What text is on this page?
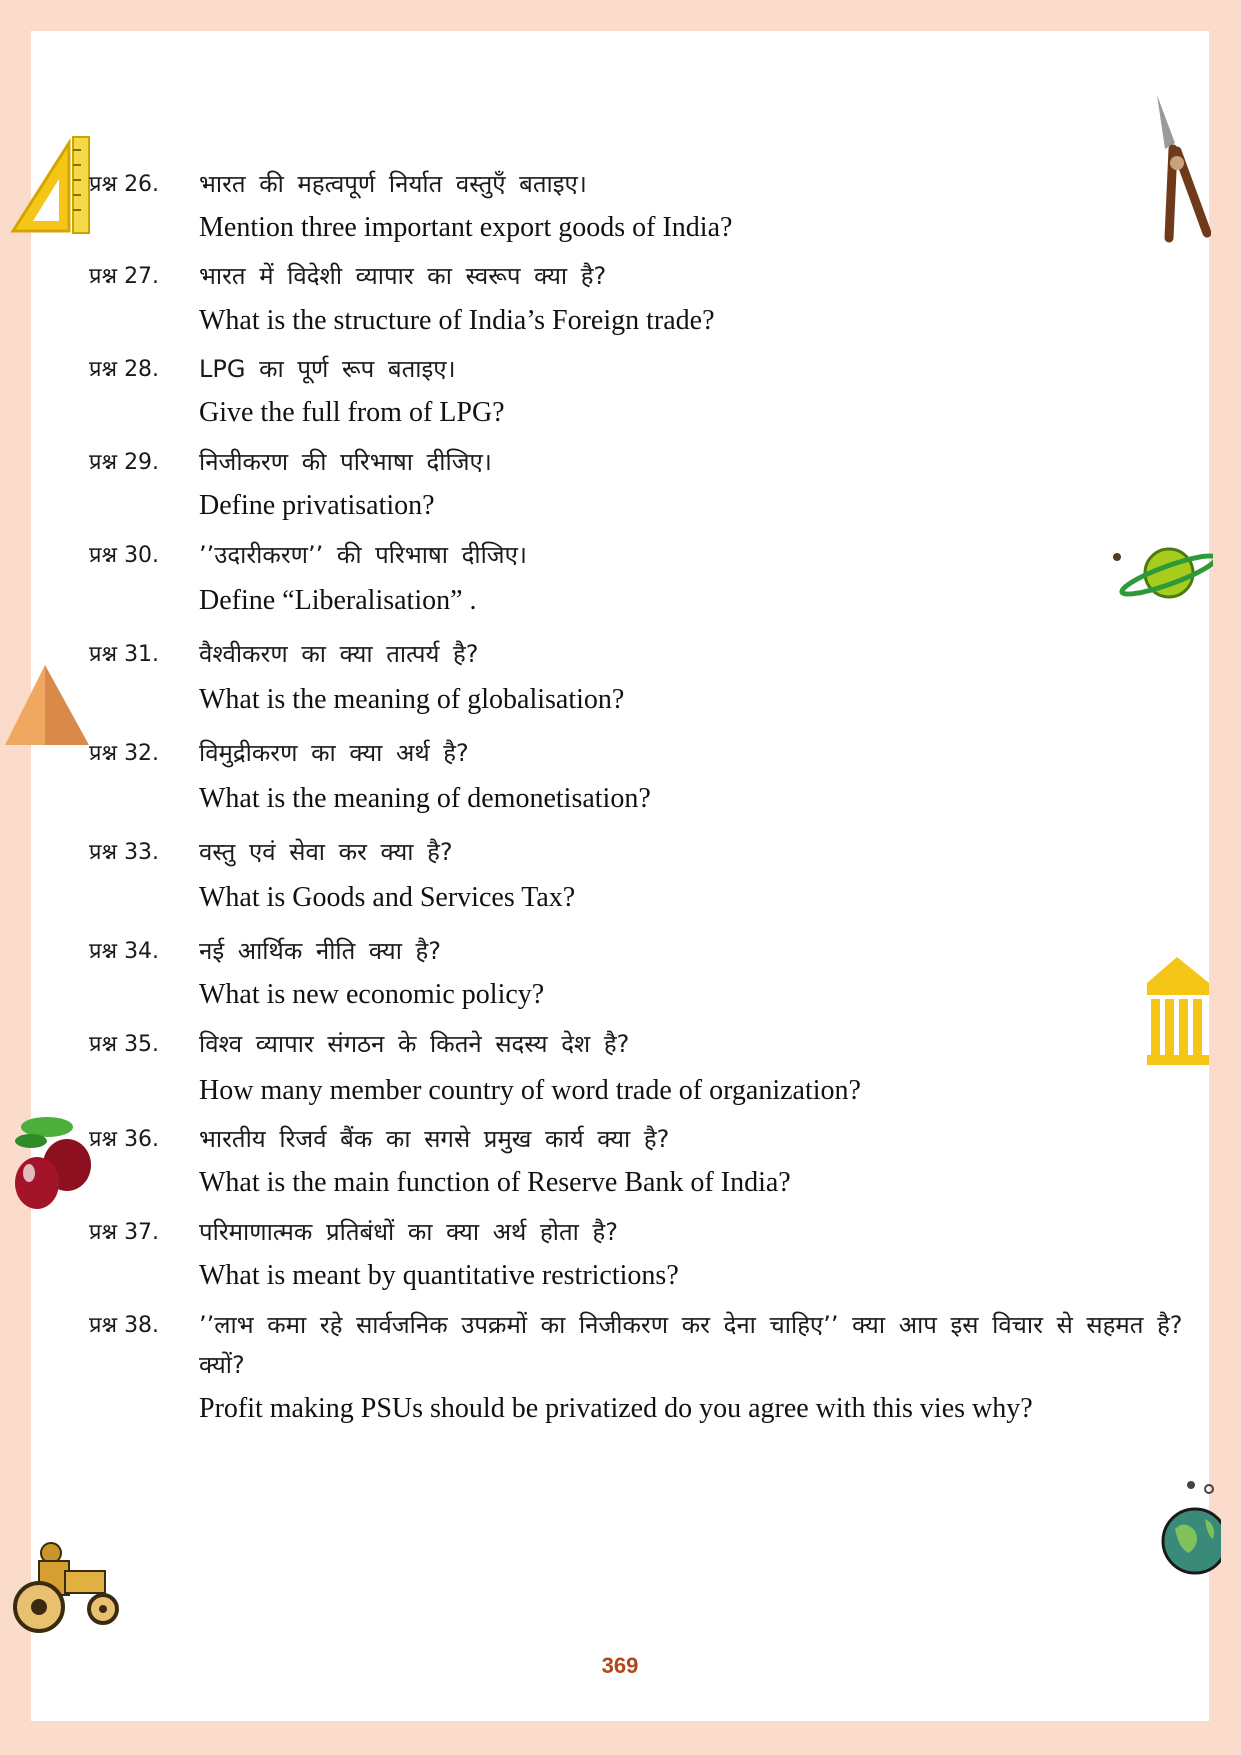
प्रश्न 26. भारत की महत्वपूर्ण निर्यात वस्तुएँ बताइए।
Mention three important export goods of India?
प्रश्न 27. भारत में विदेशी व्यापार का स्वरूप क्या है?
What is the structure of India’s Foreign trade?
प्रश्न 28. LPG का पूर्ण रूप बताइए।
Give the full from of LPG?
प्रश्न 29. निजीकरण की परिभाषा दीजिए।
Define privatisation?
प्रश्न 30. ’’उदारीकरण’’ की परिभाषा दीजिए।
Define “Liberalisation” .
प्रश्न 31. वैश्वीकरण का क्या तात्पर्य है?
What is the meaning of globalisation?
प्रश्न 32. विमुद्रीकरण का क्या अर्थ है?
What is the meaning of demonetisation?
प्रश्न 33. वस्तु एवं सेवा कर क्या है?
What is Goods and Services Tax?
प्रश्न 34. नई आर्थिक नीति क्या है?
What is new economic policy?
प्रश्न 35. विश्व व्यापार संगठन के कितने सदस्य देश है?
How many member country of word trade of organization?
प्रश्न 36. भारतीय रिजर्व बैंक का सगसे प्रमुख कार्य क्या है?
What is the main function of Reserve Bank of India?
प्रश्न 37. परिमाणात्मक प्रतिबंधों का क्या अर्थ होता है?
What is meant by quantitative restrictions?
प्रश्न 38. ’’लाभ कमा रहे सार्वजनिक उपक्रमों का निजीकरण कर देना चाहिए’’ क्या आप इस विचार से सहमत है? क्यों?
Profit making PSUs should be privatized do you agree with this vies why?
369
